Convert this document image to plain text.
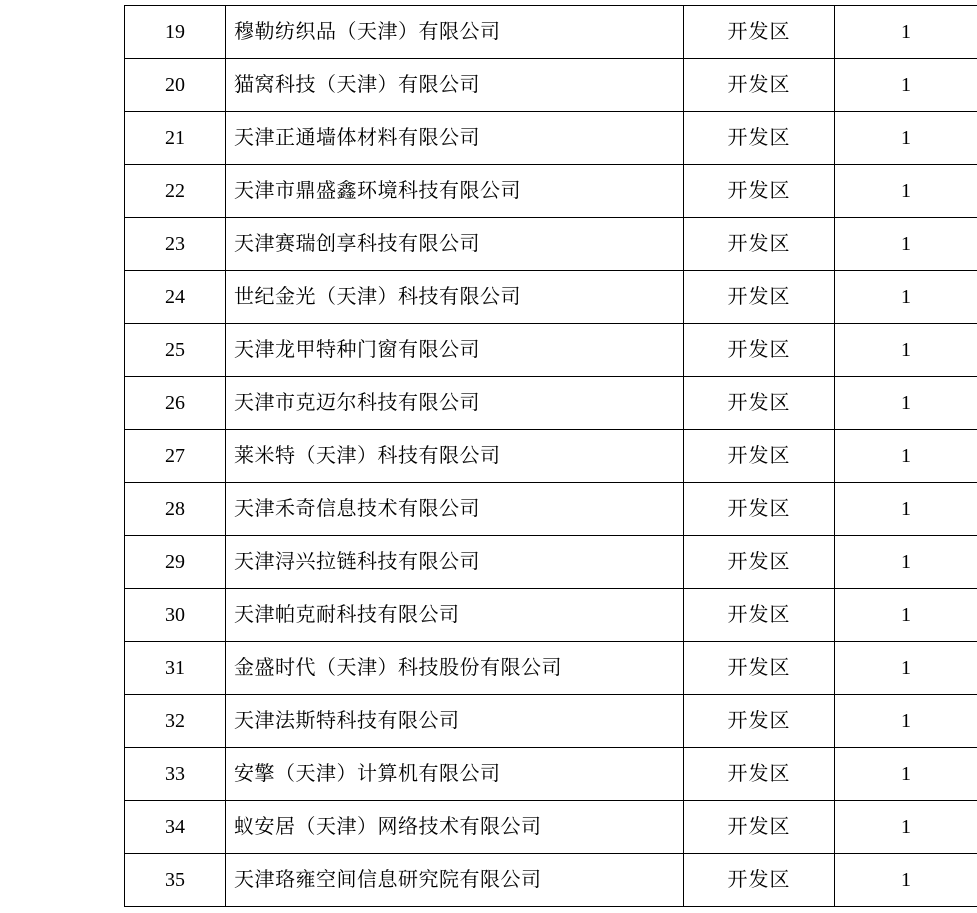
19	穆勒纺织品（天津）有限公司	开发区	1
20	猫窝科技（天津）有限公司	开发区	1
21	天津正通墙体材料有限公司	开发区	1
22	天津市鼎盛鑫环境科技有限公司	开发区	1
23	天津赛瑞创享科技有限公司	开发区	1
24	世纪金光（天津）科技有限公司	开发区	1
25	天津龙甲特种门窗有限公司	开发区	1
26	天津市克迈尔科技有限公司	开发区	1
27	莱米特（天津）科技有限公司	开发区	1
28	天津禾奇信息技术有限公司	开发区	1
29	天津浔兴拉链科技有限公司	开发区	1
30	天津帕克耐科技有限公司	开发区	1
31	金盛时代（天津）科技股份有限公司	开发区	1
32	天津法斯特科技有限公司	开发区	1
33	安擎（天津）计算机有限公司	开发区	1
34	蚁安居（天津）网络技术有限公司	开发区	1
35	天津珞雍空间信息研究院有限公司	开发区	1
